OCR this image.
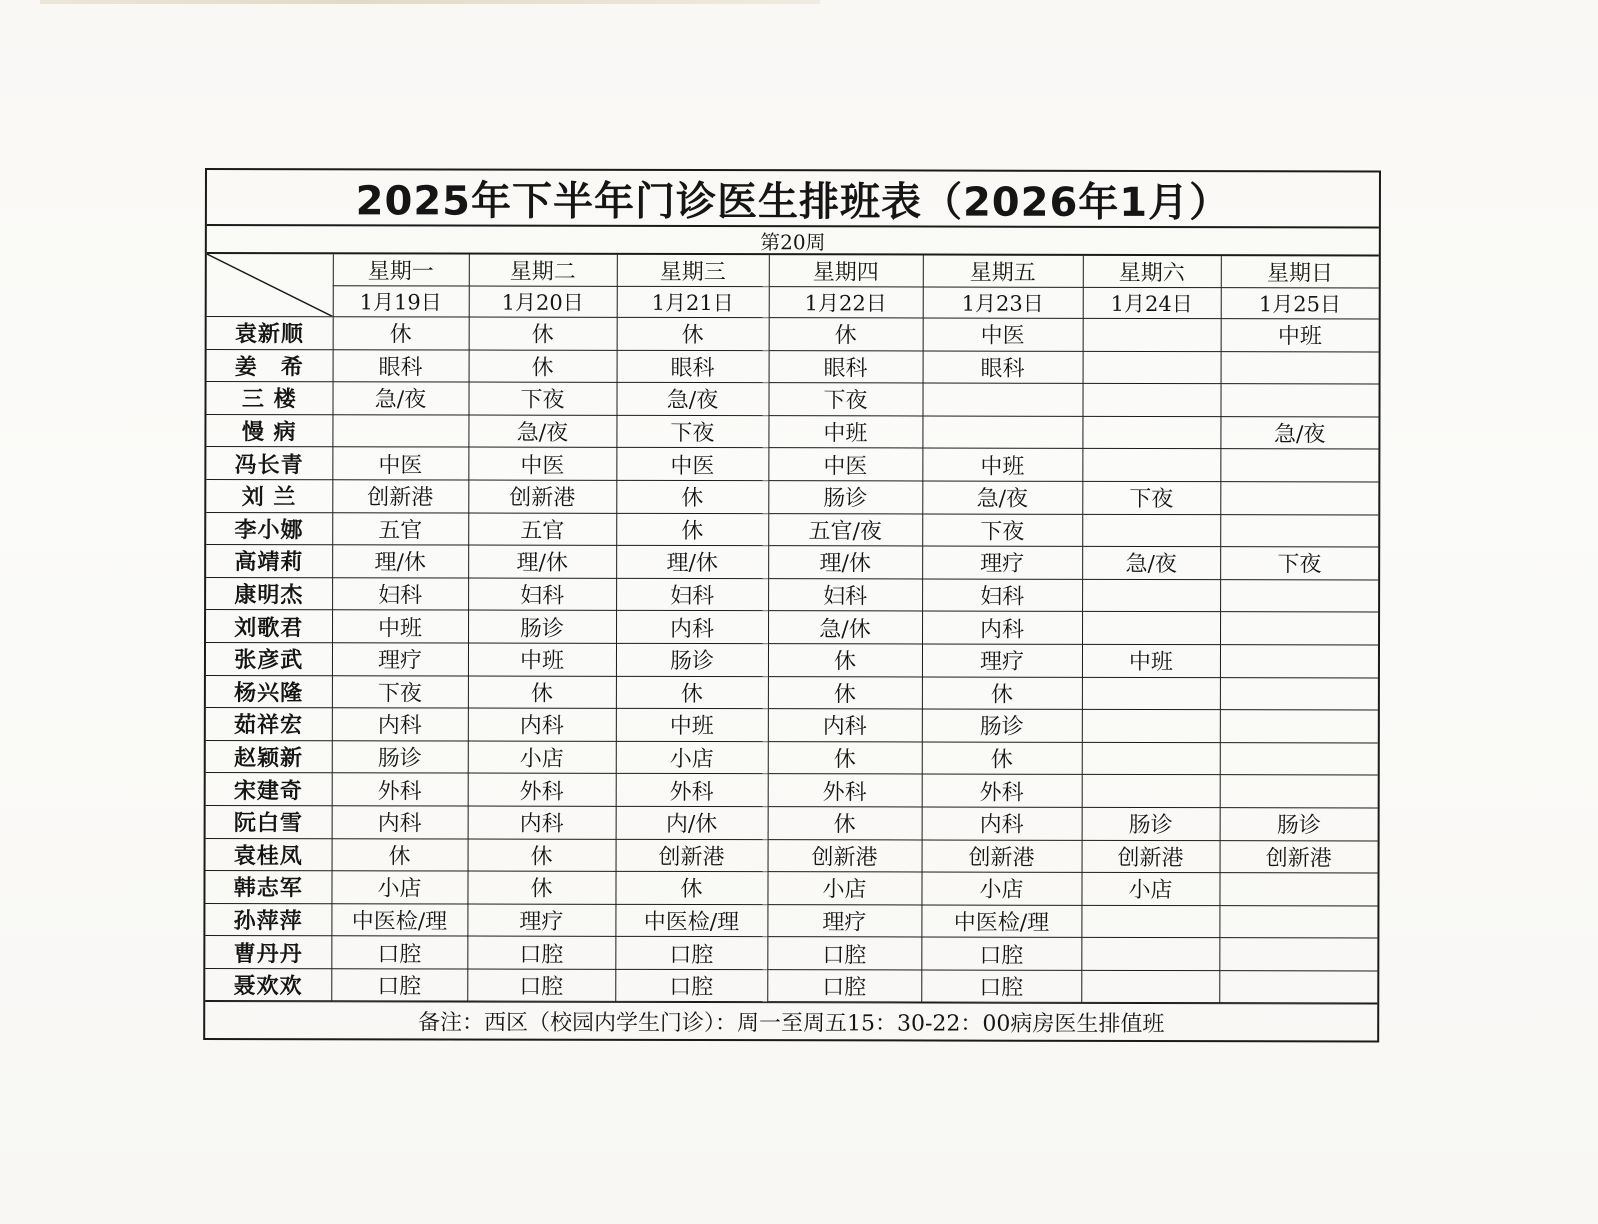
2025年下半年门诊医生排班表（2026年1月）
第20周
	星期一	星期二	星期三	星期四	星期五	星期六	星期日
	1月19日	1月20日	1月21日	1月22日	1月23日	1月24日	1月25日
袁新顺	休	休	休	休	中医		中班
姜　希	眼科	休	眼科	眼科	眼科		
三 楼	急/夜	下夜	急/夜	下夜			
慢 病		急/夜	下夜	中班			急/夜
冯长青	中医	中医	中医	中医	中班		
刘 兰	创新港	创新港	休	肠诊	急/夜	下夜	
李小娜	五官	五官	休	五官/夜	下夜		
高靖莉	理/休	理/休	理/休	理/休	理疗	急/夜	下夜
康明杰	妇科	妇科	妇科	妇科	妇科		
刘歌君	中班	肠诊	内科	急/休	内科		
张彦武	理疗	中班	肠诊	休	理疗	中班	
杨兴隆	下夜	休	休	休	休		
茹祥宏	内科	内科	中班	内科	肠诊		
赵颖新	肠诊	小店	小店	休	休		
宋建奇	外科	外科	外科	外科	外科		
阮白雪	内科	内科	内/休	休	内科	肠诊	肠诊
袁桂凤	休	休	创新港	创新港	创新港	创新港	创新港
韩志军	小店	休	休	小店	小店	小店	
孙萍萍	中医检/理	理疗	中医检/理	理疗	中医检/理		
曹丹丹	口腔	口腔	口腔	口腔	口腔		
聂欢欢	口腔	口腔	口腔	口腔	口腔		
备注：西区（校园内学生门诊）：周一至周五15：30-22：00病房医生排值班
